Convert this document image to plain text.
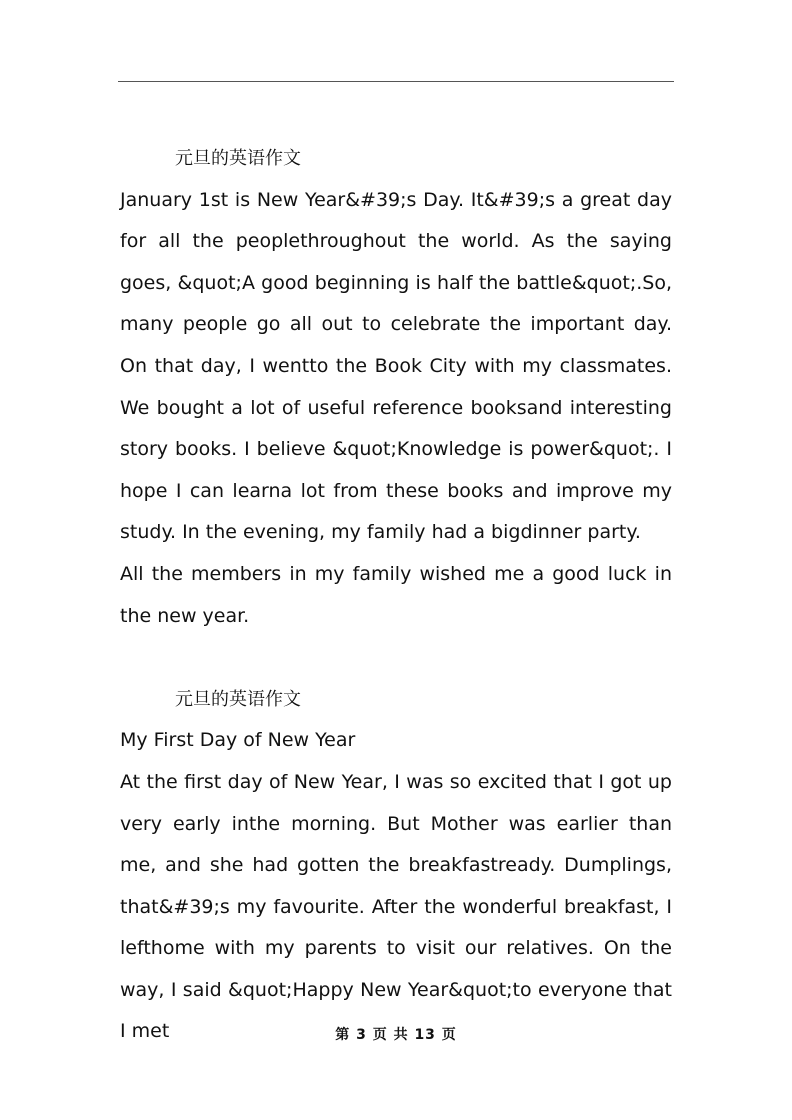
元旦的英语作文

January 1st is New Year&#39;s Day. It&#39;s a great day for all the peoplethroughout the world. As the saying goes, &quot;A good beginning is half the battle&quot;.So, many people go all out to celebrate the important day. On that day, I wentto the Book City with my classmates. We bought a lot of useful reference booksand interesting story books. I believe &quot;Knowledge is power&quot;. I hope I can learna lot from these books and improve my study. In the evening, my family had a bigdinner party.

All the members in my family wished me a good luck in the new year.

元旦的英语作文

My First Day of New Year

At the first day of New Year, I was so excited that I got up very early inthe morning. But Mother was earlier than me, and she had gotten the breakfastready. Dumplings, that&#39;s my favourite. After the wonderful breakfast, I lefthome with my parents to visit our relatives. On the way, I said &quot;Happy New Year&quot;to everyone that I met	第 3 页 共 13 页
